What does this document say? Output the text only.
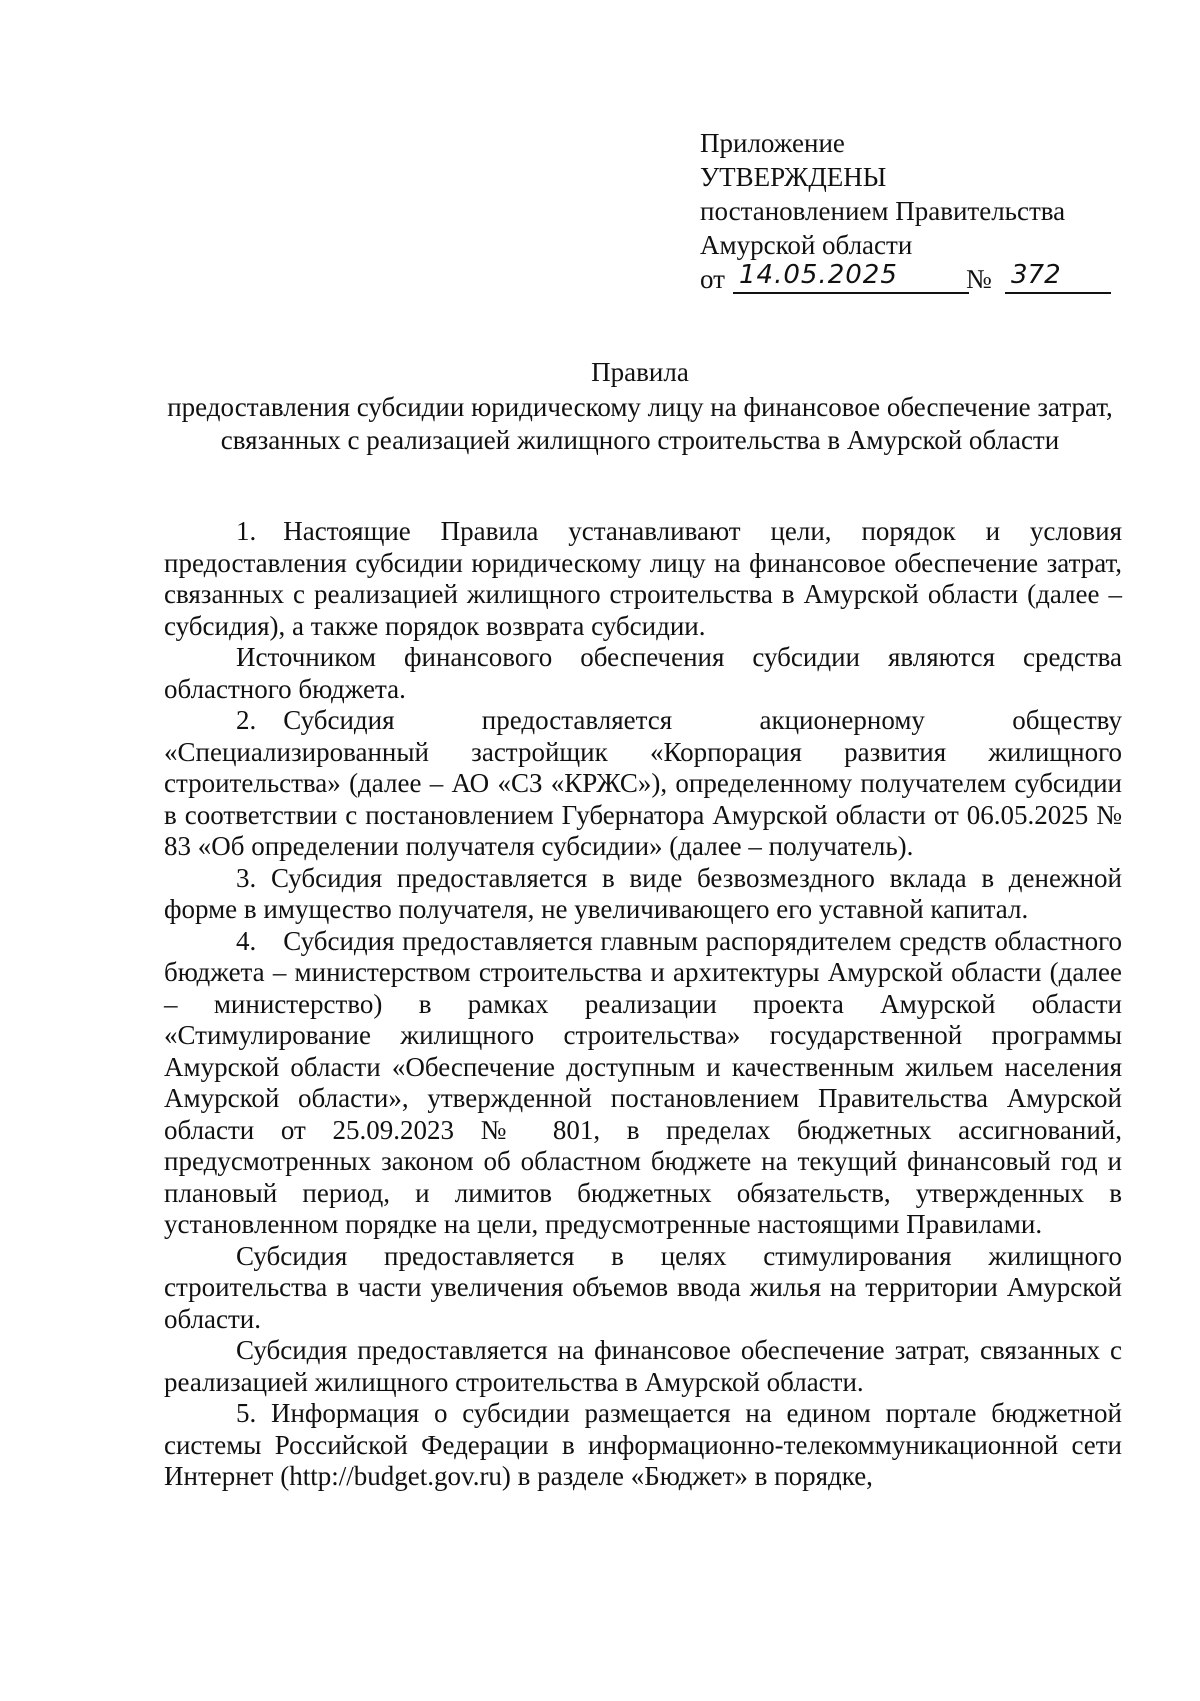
Приложение
УТВЕРЖДЕНЫ
постановлением Правительства
Амурской области
от 14.05.2025	№ 372
Правила
предоставления субсидии юридическому лицу на финансовое обеспечение затрат, связанных с реализацией жилищного строительства в Амурской области

1. Настоящие Правила устанавливают цели, порядок и условия предоставления субсидии юридическому лицу на финансовое обеспечение затрат, связанных с реализацией жилищного строительства в Амурской области (далее – субсидия), а также порядок возврата субсидии.

Источником финансового обеспечения субсидии являются средства областного бюджета.

2. Субсидия предоставляется акционерному обществу «Специализированный застройщик «Корпорация развития жилищного строительства» (далее – АО «СЗ «КРЖС»), определенному получателем субсидии в соответствии с постановлением Губернатора Амурской области от 06.05.2025 № 83 «Об определении получателя субсидии» (далее – получатель).

3. Субсидия предоставляется в виде безвозмездного вклада в денежной форме в имущество получателя, не увеличивающего его уставной капитал.

4. Субсидия предоставляется главным распорядителем средств областного бюджета – министерством строительства и архитектуры Амурской области (далее – министерство) в рамках реализации проекта Амурской области «Стимулирование жилищного строительства» государственной программы Амурской области «Обеспечение доступным и качественным жильем населения Амурской области», утвержденной постановлением Правительства Амурской области от 25.09.2023 № 801, в пределах бюджетных ассигнований, предусмотренных законом об областном бюджете на текущий финансовый год и плановый период, и лимитов бюджетных обязательств, утвержденных в установленном порядке на цели, предусмотренные настоящими Правилами.

Субсидия предоставляется в целях стимулирования жилищного строительства в части увеличения объемов ввода жилья на территории Амурской области.

Субсидия предоставляется на финансовое обеспечение затрат, связанных с реализацией жилищного строительства в Амурской области.

5. Информация о субсидии размещается на едином портале бюджетной системы Российской Федерации в информационно-телекоммуникационной сети Интернет (http://budget.gov.ru) в разделе «Бюджет» в порядке,
